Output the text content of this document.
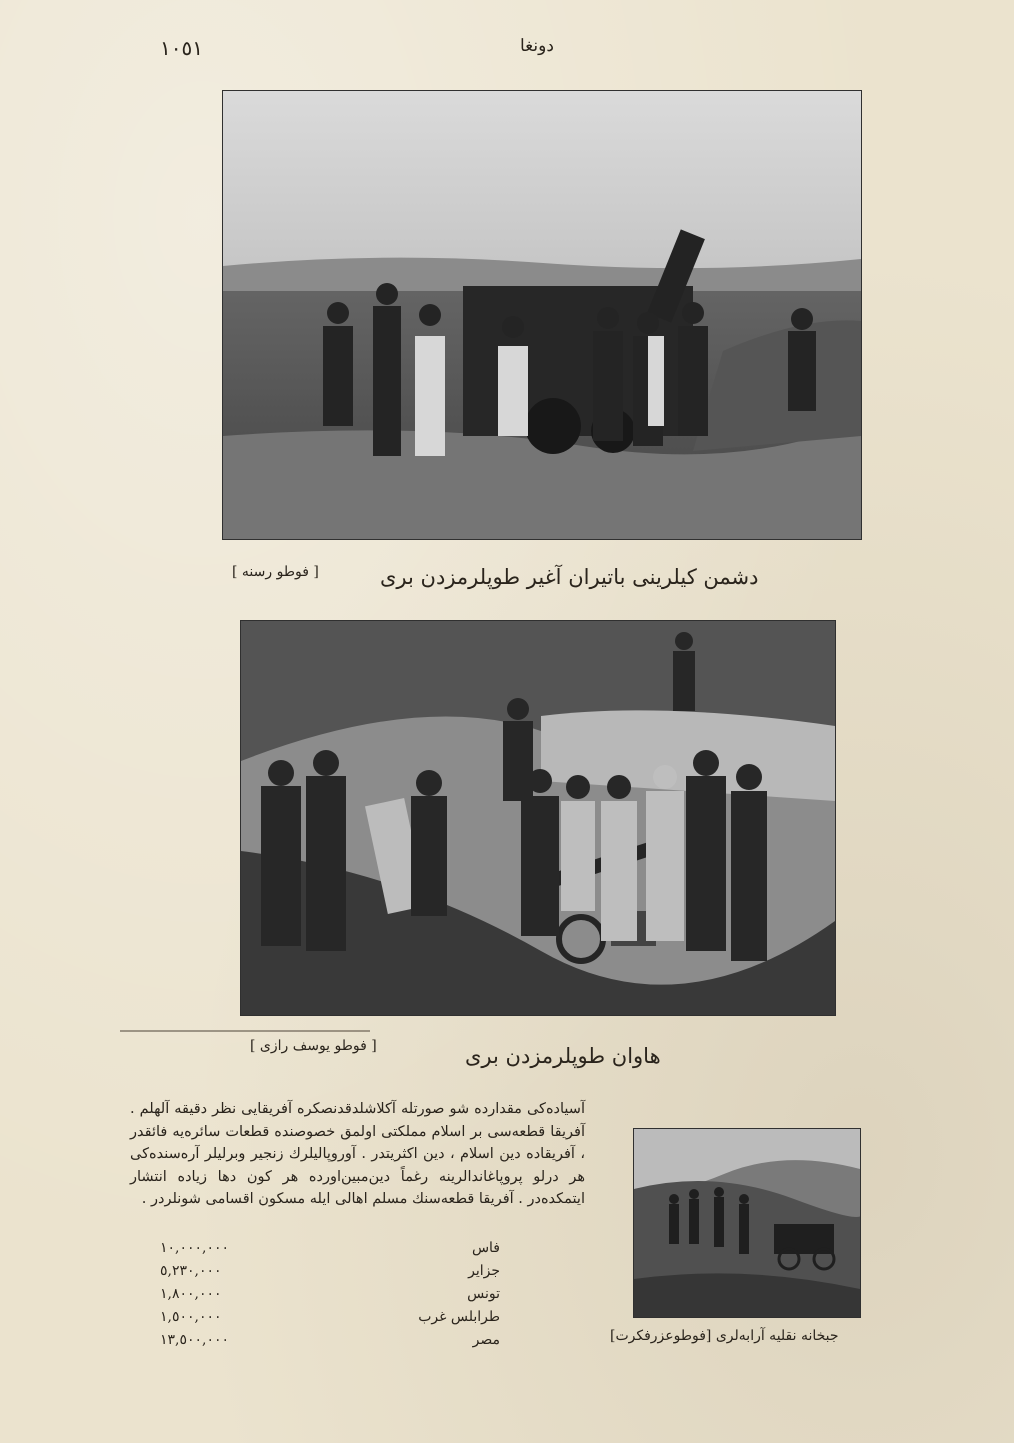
١٠٥١	دونغا
دشمن کیلرینی باتیران آغیر طوپلرمزدن بری
[ فوطو رسنه ]
هاوان طوپلرمزدن بری
[ فوطو یوسف رازی ]
آسیاده‌کی مقدارده شو صورتله آکلاشلدقدنصکره آفریقایی نظر دقیقه آلهلم . آفریقا قطعه‌سی بر اسلام مملکتی اولمق خصوصنده قطعات سائره‌یه فائقدر ، آفریقاده دین اسلام ، دین اکثریتدر . آوروپالیلرك زنجیر وبرلیلر آره‌سنده‌کی هر درلو پروپاغاندالرینه رغماً دین‌مبین‌اورده هر کون دها زیاده انتشار ایتمکده‌در . آفریقا قطعه‌سنك مسلم اهالی ایله مسکون اقسامی شونلردر .
فاس
١٠,٠٠٠,٠٠٠
جزایر
٥,٢٣٠,٠٠٠
تونس
١,٨٠٠,٠٠٠
طرابلس غرب
١,٥٠٠,٠٠٠
مصر
١٣,٥٠٠,٠٠٠	جبخانه نقلیه آرابه‌لری [فوطوعزرفکرت]
